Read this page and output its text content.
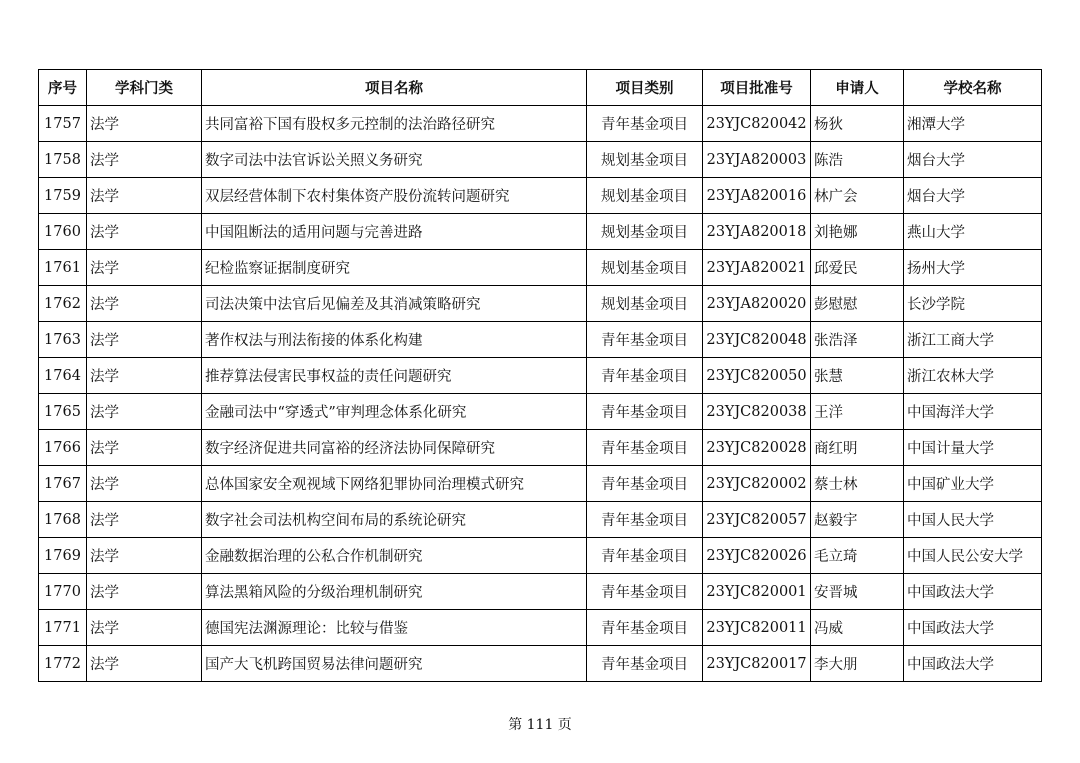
序号	学科门类	项目名称	项目类别	项目批准号	申请人	学校名称
1757	法学	共同富裕下国有股权多元控制的法治路径研究	青年基金项目	23YJC820042	杨狄	湘潭大学
1758	法学	数字司法中法官诉讼关照义务研究	规划基金项目	23YJA820003	陈浩	烟台大学
1759	法学	双层经营体制下农村集体资产股份流转问题研究	规划基金项目	23YJA820016	林广会	烟台大学
1760	法学	中国阻断法的适用问题与完善进路	规划基金项目	23YJA820018	刘艳娜	燕山大学
1761	法学	纪检监察证据制度研究	规划基金项目	23YJA820021	邱爱民	扬州大学
1762	法学	司法决策中法官后见偏差及其消减策略研究	规划基金项目	23YJA820020	彭慰慰	长沙学院
1763	法学	著作权法与刑法衔接的体系化构建	青年基金项目	23YJC820048	张浩泽	浙江工商大学
1764	法学	推荐算法侵害民事权益的责任问题研究	青年基金项目	23YJC820050	张慧	浙江农林大学
1765	法学	金融司法中“穿透式”审判理念体系化研究	青年基金项目	23YJC820038	王洋	中国海洋大学
1766	法学	数字经济促进共同富裕的经济法协同保障研究	青年基金项目	23YJC820028	商红明	中国计量大学
1767	法学	总体国家安全观视域下网络犯罪协同治理模式研究	青年基金项目	23YJC820002	蔡士林	中国矿业大学
1768	法学	数字社会司法机构空间布局的系统论研究	青年基金项目	23YJC820057	赵毅宇	中国人民大学
1769	法学	金融数据治理的公私合作机制研究	青年基金项目	23YJC820026	毛立琦	中国人民公安大学
1770	法学	算法黑箱风险的分级治理机制研究	青年基金项目	23YJC820001	安晋城	中国政法大学
1771	法学	德国宪法渊源理论：比较与借鉴	青年基金项目	23YJC820011	冯威	中国政法大学
1772	法学	国产大飞机跨国贸易法律问题研究	青年基金项目	23YJC820017	李大朋	中国政法大学
第 111 页
